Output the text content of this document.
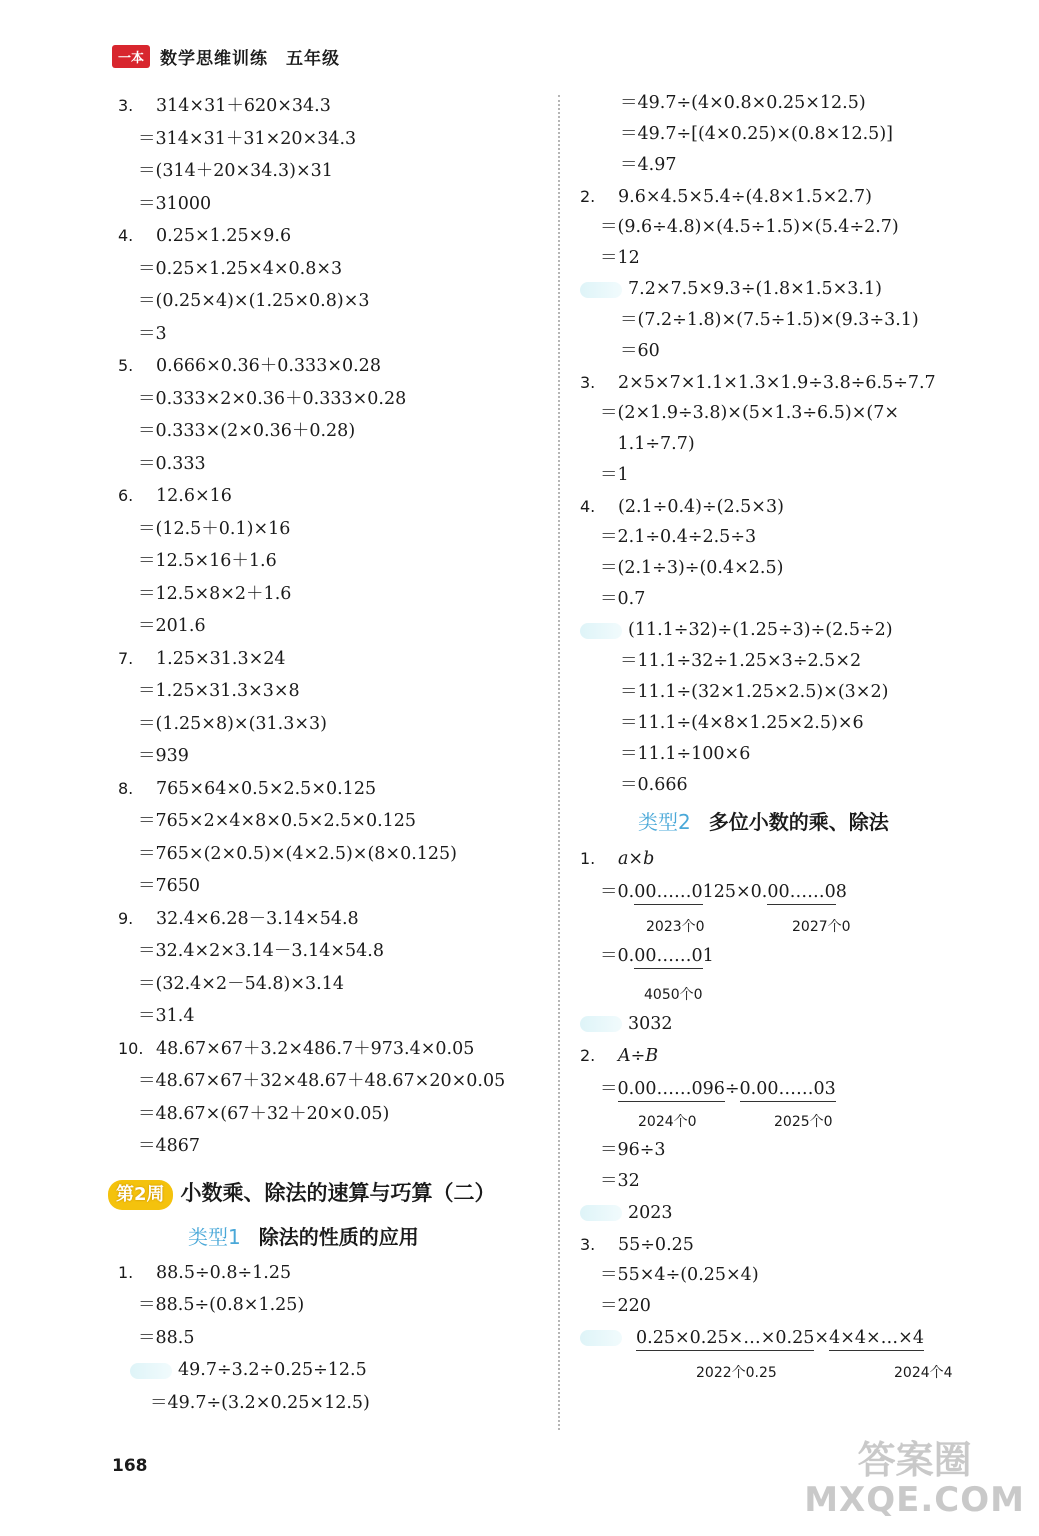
一本 数学思维训练　五年级
3. 314×31＋620×34.3
＝314×31＋31×20×34.3
＝(314＋20×34.3)×31
＝31000
4. 0.25×1.25×9.6
＝0.25×1.25×4×0.8×3
＝(0.25×4)×(1.25×0.8)×3
＝3
5. 0.666×0.36＋0.333×0.28
＝0.333×2×0.36＋0.333×0.28
＝0.333×(2×0.36＋0.28)
＝0.333
6. 12.6×16
＝(12.5＋0.1)×16
＝12.5×16＋1.6
＝12.5×8×2＋1.6
＝201.6
7. 1.25×31.3×24
＝1.25×31.3×3×8
＝(1.25×8)×(31.3×3)
＝939
8. 765×64×0.5×2.5×0.125
＝765×2×4×8×0.5×2.5×0.125
＝765×(2×0.5)×(4×2.5)×(8×0.125)
＝7650
9. 32.4×6.28－3.14×54.8
＝32.4×2×3.14－3.14×54.8
＝(32.4×2－54.8)×3.14
＝31.4
10. 48.67×67＋3.2×486.7＋973.4×0.05
＝48.67×67＋32×48.67＋48.67×20×0.05
＝48.67×(67＋32＋20×0.05)
＝4867
第2周 小数乘、除法的速算与巧算（二）
类型1 除法的性质的应用
1. 88.5÷0.8÷1.25
＝88.5÷(0.8×1.25)
＝88.5
49.7÷3.2÷0.25÷12.5
＝49.7÷(3.2×0.25×12.5)
＝49.7÷(4×0.8×0.25×12.5)
＝49.7÷[(4×0.25)×(0.8×12.5)]
＝4.97
2. 9.6×4.5×5.4÷(4.8×1.5×2.7)
＝(9.6÷4.8)×(4.5÷1.5)×(5.4÷2.7)
＝12
7.2×7.5×9.3÷(1.8×1.5×3.1)
＝(7.2÷1.8)×(7.5÷1.5)×(9.3÷3.1)
＝60
3. 2×5×7×1.1×1.3×1.9÷3.8÷6.5÷7.7
＝(2×1.9÷3.8)×(5×1.3÷6.5)×(7×
　1.1÷7.7)
＝1
4. (2.1÷0.4)÷(2.5×3)
＝2.1÷0.4÷2.5÷3
＝(2.1÷3)÷(0.4×2.5)
＝0.7
(11.1÷32)÷(1.25÷3)÷(2.5÷2)
＝11.1÷32÷1.25×3÷2.5×2
＝11.1÷(32×1.25×2.5)×(3×2)
＝11.1÷(4×8×1.25×2.5)×6
＝11.1÷100×6
＝0.666
类型2 多位小数的乘、除法
1. a×b
＝0.00……0125×0.00……08
2023个0	2027个0
＝0.00……01
4050个0
3032
2. A÷B
＝0.00……096÷0.00……03
2024个0	2025个0
＝96÷3
＝32
2023
3. 55÷0.25
＝55×4÷(0.25×4)
＝220
0.25×0.25×…×0.25×4×4×…×4
2022个0.25	2024个4
168	答案圈
MXQE.COM
